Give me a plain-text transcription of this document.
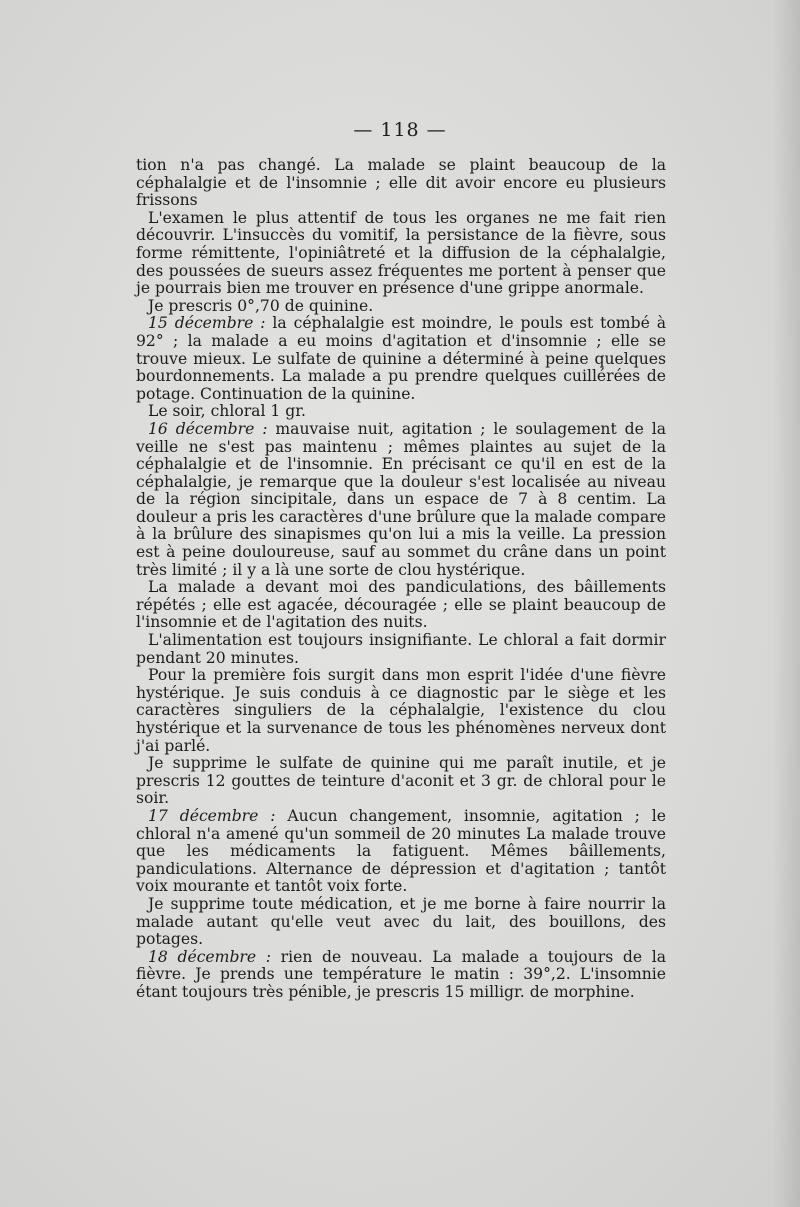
— 118 —

tion n'a pas changé. La malade se plaint beaucoup de la céphalalgie et de l'insomnie ; elle dit avoir encore eu plusieurs frissons

L'examen le plus attentif de tous les organes ne me fait rien découvrir. L'insuccès du vomitif, la persistance de la fièvre, sous forme rémittente, l'opiniâtreté et la diffusion de la céphalalgie, des poussées de sueurs assez fréquentes me portent à penser que je pourrais bien me trouver en présence d'une grippe anormale.

Je prescris 0°,70 de quinine.

15 décembre : la céphalalgie est moindre, le pouls est tombé à 92° ; la malade a eu moins d'agitation et d'insomnie ; elle se trouve mieux. Le sulfate de quinine a déterminé à peine quelques bourdonnements. La malade a pu prendre quelques cuillérées de potage. Continuation de la quinine.

Le soir, chloral 1 gr.

16 décembre : mauvaise nuit, agitation ; le soulagement de la veille ne s'est pas maintenu ; mêmes plaintes au sujet de la céphalalgie et de l'insomnie. En précisant ce qu'il en est de la céphalalgie, je remarque que la douleur s'est localisée au niveau de la région sincipitale, dans un espace de 7 à 8 centim. La douleur a pris les caractères d'une brûlure que la malade compare à la brûlure des sinapismes qu'on lui a mis la veille. La pression est à peine douloureuse, sauf au sommet du crâne dans un point très limité ; il y a là une sorte de clou hystérique.

La malade a devant moi des pandiculations, des bâillements répétés ; elle est agacée, découragée ; elle se plaint beaucoup de l'insomnie et de l'agitation des nuits.

L'alimentation est toujours insignifiante. Le chloral a fait dormir pendant 20 minutes.

Pour la première fois surgit dans mon esprit l'idée d'une fièvre hystérique. Je suis conduis à ce diagnostic par le siège et les caractères singuliers de la céphalalgie, l'existence du clou hystérique et la survenance de tous les phénomènes nerveux dont j'ai parlé.

Je supprime le sulfate de quinine qui me paraît inutile, et je prescris 12 gouttes de teinture d'aconit et 3 gr. de chloral pour le soir.

17 décembre : Aucun changement, insomnie, agitation ; le chloral n'a amené qu'un sommeil de 20 minutes La malade trouve que les médicaments la fatiguent. Mêmes bâillements, pandiculations. Alternance de dépression et d'agitation ; tantôt voix mourante et tantôt voix forte.

Je supprime toute médication, et je me borne à faire nourrir la malade autant qu'elle veut avec du lait, des bouillons, des potages.

18 décembre : rien de nouveau. La malade a toujours de la fièvre. Je prends une température le matin : 39°,2. L'insomnie étant toujours très pénible, je prescris 15 milligr. de morphine.
